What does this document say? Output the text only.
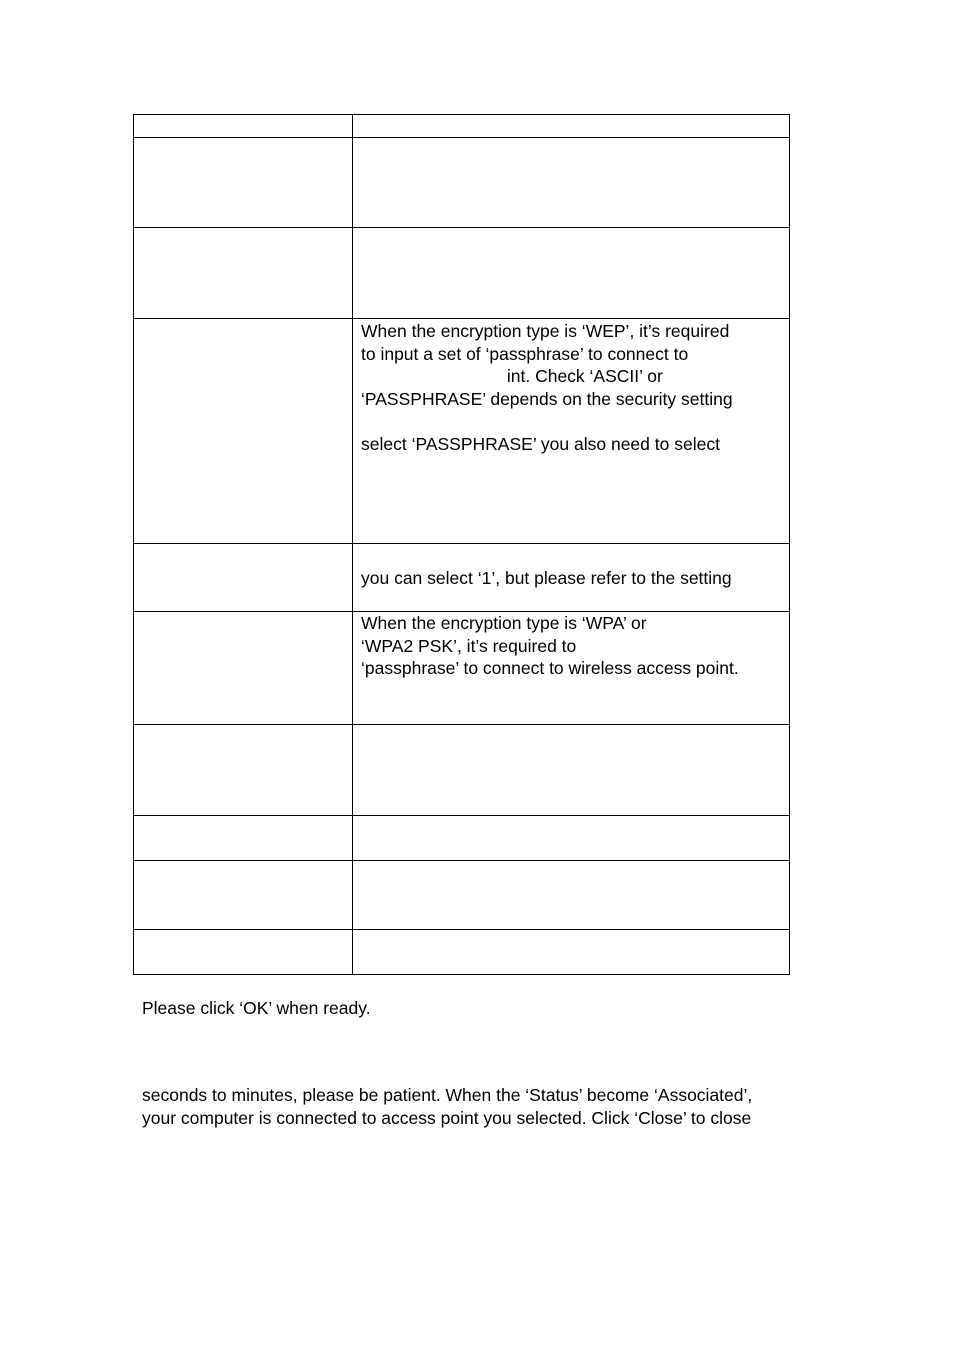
	When the encryption type is ‘WEP’, it’s required
to input a set of ‘passphrase’ to connect to
int. Check ‘ASCII’ or
‘PASSPHRASE’ depends on the security setting
select ‘PASSPHRASE’ you also need to select

	you can select ‘1’, but please refer to the setting

	When the encryption type is ‘WPA’ or
‘WPA2 PSK’, it’s required to
‘passphrase’ to connect to wireless access point.

Please click ‘OK’ when ready.
seconds to minutes, please be patient. When the ‘Status’ become ‘Associated’,
your computer is connected to access point you selected. Click ‘Close’ to close
